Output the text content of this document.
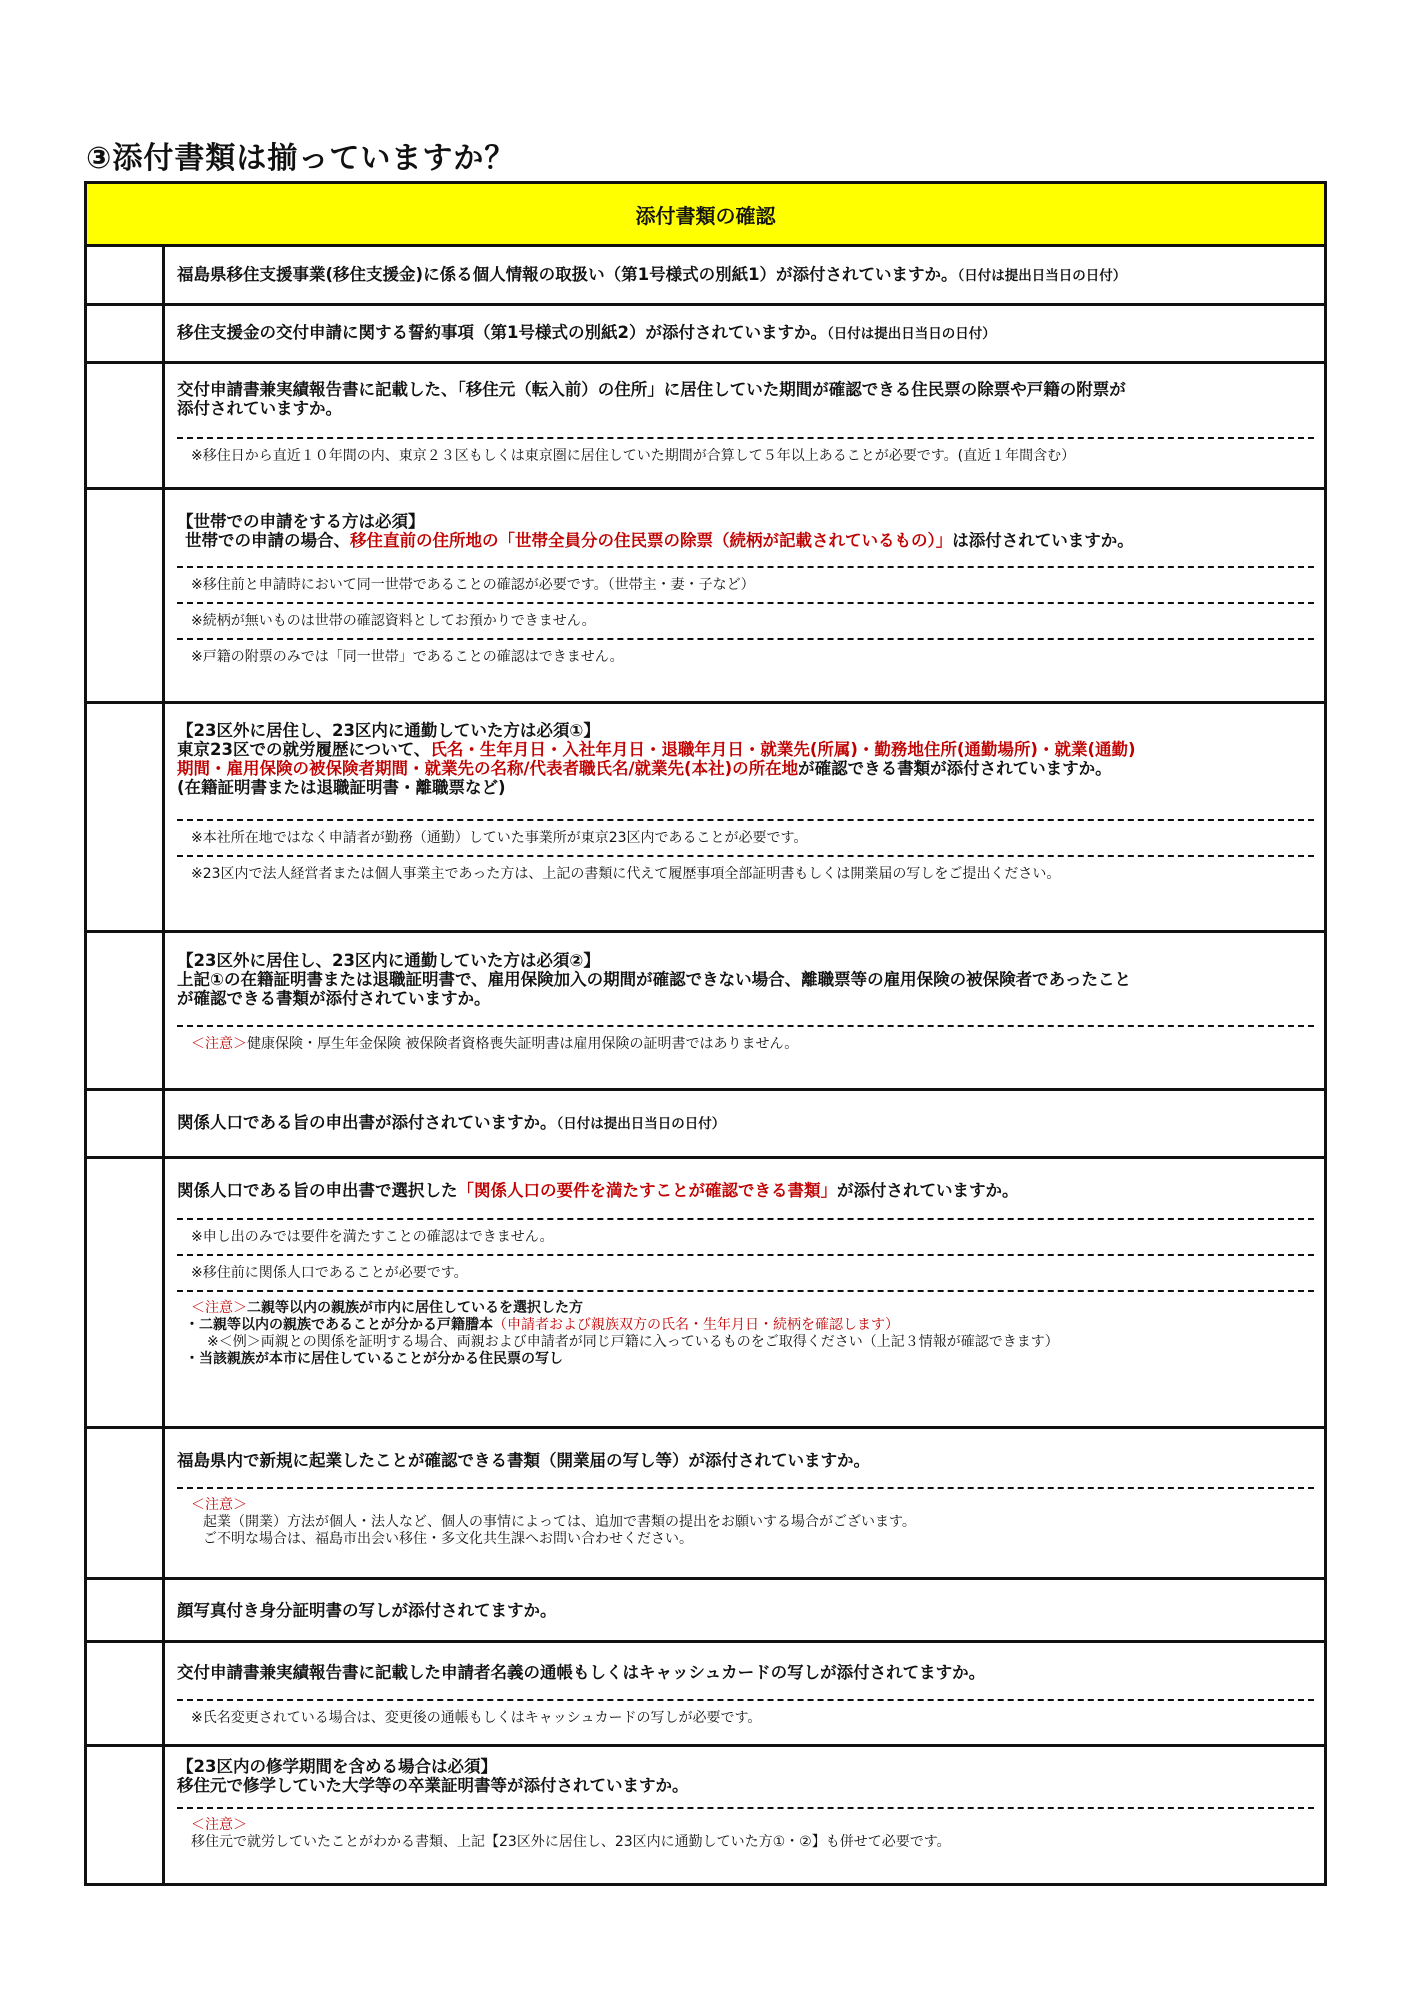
③添付書類は揃っていますか？
添付書類の確認
福島県移住支援事業(移住支援金)に係る個人情報の取扱い（第1号様式の別紙1）が添付されていますか。（日付は提出日当日の日付）
移住支援金の交付申請に関する誓約事項（第1号様式の別紙2）が添付されていますか。（日付は提出日当日の日付）
交付申請書兼実績報告書に記載した、「移住元（転入前）の住所」に居住していた期間が確認できる住民票の除票や戸籍の附票が
添付されていますか。
※移住日から直近１０年間の内、東京２３区もしくは東京圏に居住していた期間が合算して５年以上あることが必要です。(直近１年間含む）
【世帯での申請をする方は必須】
世帯での申請の場合、移住直前の住所地の「世帯全員分の住民票の除票（続柄が記載されているもの）」は添付されていますか。
※移住前と申請時において同一世帯であることの確認が必要です。（世帯主・妻・子など）
※続柄が無いものは世帯の確認資料としてお預かりできません。
※戸籍の附票のみでは「同一世帯」であることの確認はできません。
【23区外に居住し、23区内に通勤していた方は必須①】
東京23区での就労履歴について、氏名・生年月日・入社年月日・退職年月日・就業先(所属)・勤務地住所(通勤場所)・就業(通勤)
期間・雇用保険の被保険者期間・就業先の名称/代表者職氏名/就業先(本社)の所在地が確認できる書類が添付されていますか。
(在籍証明書または退職証明書・離職票など)
※本社所在地ではなく申請者が勤務（通勤）していた事業所が東京23区内であることが必要です。
※23区内で法人経営者または個人事業主であった方は、上記の書類に代えて履歴事項全部証明書もしくは開業届の写しをご提出ください。
【23区外に居住し、23区内に通勤していた方は必須②】
上記①の在籍証明書または退職証明書で、雇用保険加入の期間が確認できない場合、離職票等の雇用保険の被保険者であったこと
が確認できる書類が添付されていますか。
＜注意＞健康保険・厚生年金保険 被保険者資格喪失証明書は雇用保険の証明書ではありません。
関係人口である旨の申出書が添付されていますか。（日付は提出日当日の日付）
関係人口である旨の申出書で選択した「関係人口の要件を満たすことが確認できる書類」が添付されていますか。
※申し出のみでは要件を満たすことの確認はできません。
※移住前に関係人口であることが必要です。
＜注意＞二親等以内の親族が市内に居住しているを選択した方
・二親等以内の親族であることが分かる戸籍謄本（申請者および親族双方の氏名・生年月日・続柄を確認します）
※＜例＞両親との関係を証明する場合、両親および申請者が同じ戸籍に入っているものをご取得ください（上記３情報が確認できます）
・当該親族が本市に居住していることが分かる住民票の写し
福島県内で新規に起業したことが確認できる書類（開業届の写し等）が添付されていますか。
＜注意＞
起業（開業）方法が個人・法人など、個人の事情によっては、追加で書類の提出をお願いする場合がございます。
ご不明な場合は、福島市出会い移住・多文化共生課へお問い合わせください。
顔写真付き身分証明書の写しが添付されてますか。
交付申請書兼実績報告書に記載した申請者名義の通帳もしくはキャッシュカードの写しが添付されてますか。
※氏名変更されている場合は、変更後の通帳もしくはキャッシュカードの写しが必要です。
【23区内の修学期間を含める場合は必須】
移住元で修学していた大学等の卒業証明書等が添付されていますか。
＜注意＞
移住元で就労していたことがわかる書類、上記【23区外に居住し、23区内に通勤していた方①・②】も併せて必要です。
